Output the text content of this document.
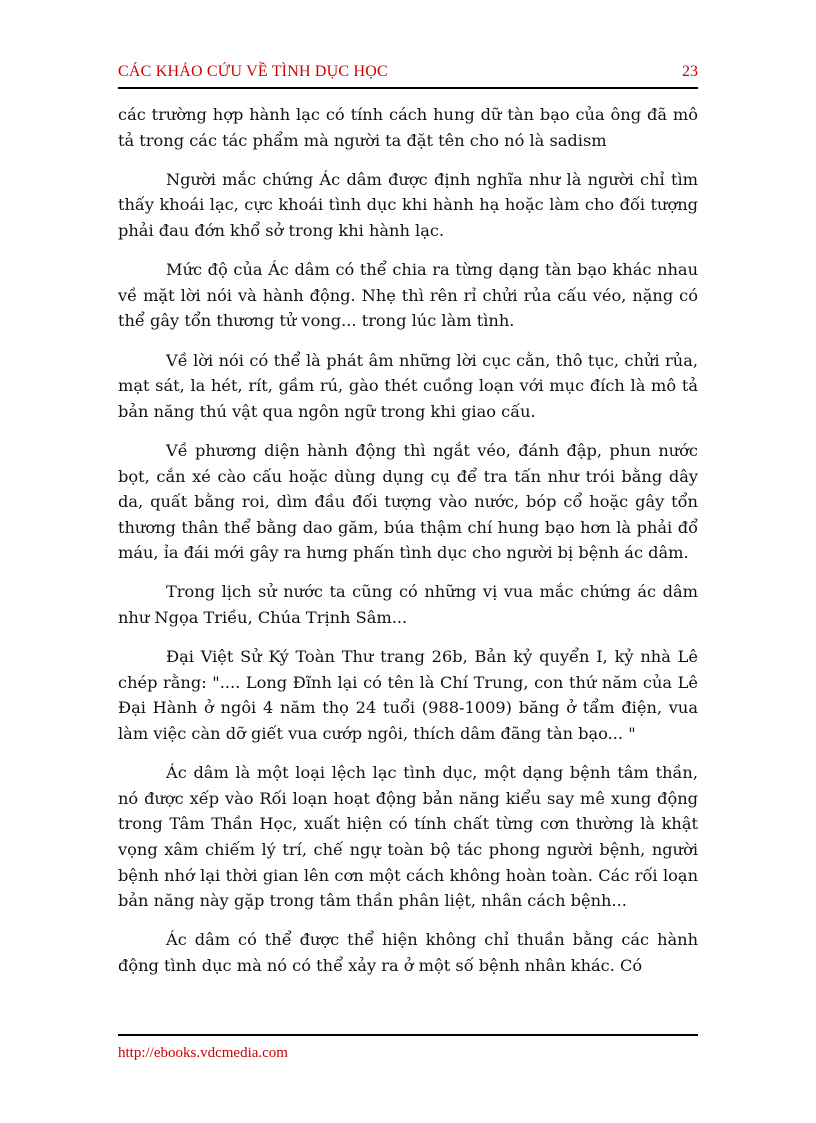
CÁC KHẢO CỨU VỀ TÌNH DỤC HỌC	23

các trường hợp hành lạc có tính cách hung dữ tàn bạo của ông đã mô tả trong các tác phẩm mà người ta đặt tên cho nó là sadism

Người mắc chứng Ác dâm được định nghĩa như là người chỉ tìm thấy khoái lạc, cực khoái tình dục khi hành hạ hoặc làm cho đối tượng phải đau đớn khổ sở trong khi hành lạc.

Mức độ của Ác dâm có thể chia ra từng dạng tàn bạo khác nhau về mặt lời nói và hành động. Nhẹ thì rên rỉ chửi rủa cấu véo, nặng có thể gây tổn thương tử vong... trong lúc làm tình.

Về lời nói có thể là phát âm những lời cục cằn, thô tục, chửi rủa, mạt sát, la hét, rít, gầm rú, gào thét cuồng loạn với mục đích là mô tả bản năng thú vật qua ngôn ngữ trong khi giao cấu.

Về phương diện hành động thì ngắt véo, đánh đập, phun nước bọt, cắn xé cào cấu hoặc dùng dụng cụ để tra tấn như trói bằng dây da, quất bằng roi, dìm đầu đối tượng vào nước, bóp cổ hoặc gây tổn thương thân thể bằng dao găm, búa thậm chí hung bạo hơn là phải đổ máu, ỉa đái mới gây ra hưng phấn tình dục cho người bị bệnh ác dâm.

Trong lịch sử nước ta cũng có những vị vua mắc chứng ác dâm như Ngọa Triều, Chúa Trịnh Sâm...

Đại Việt Sử Ký Toàn Thư trang 26b, Bản kỷ quyển I, kỷ nhà Lê chép rằng: ".... Long Đĩnh lại có tên là Chí Trung, con thứ năm của Lê Đại Hành ở ngôi 4 năm thọ 24 tuổi (988-1009) băng ở tẩm điện, vua làm việc càn dỡ giết vua cướp ngôi, thích dâm đãng tàn bạo... "

Ác dâm là một loại lệch lạc tình dục, một dạng bệnh tâm thần, nó được xếp vào Rối loạn hoạt động bản năng kiểu say mê xung động trong Tâm Thần Học, xuất hiện có tính chất từng cơn thường là khật vọng xâm chiếm lý trí, chế ngự toàn bộ tác phong người bệnh, người bệnh nhớ lại thời gian lên cơn một cách không hoàn toàn. Các rối loạn bản năng này gặp trong tâm thần phân liệt, nhân cách bệnh...

Ác dâm có thể được thể hiện không chỉ thuần bằng các hành động tình dục mà nó có thể xảy ra ở một số bệnh nhân khác. Có

http://ebooks.vdcmedia.com
